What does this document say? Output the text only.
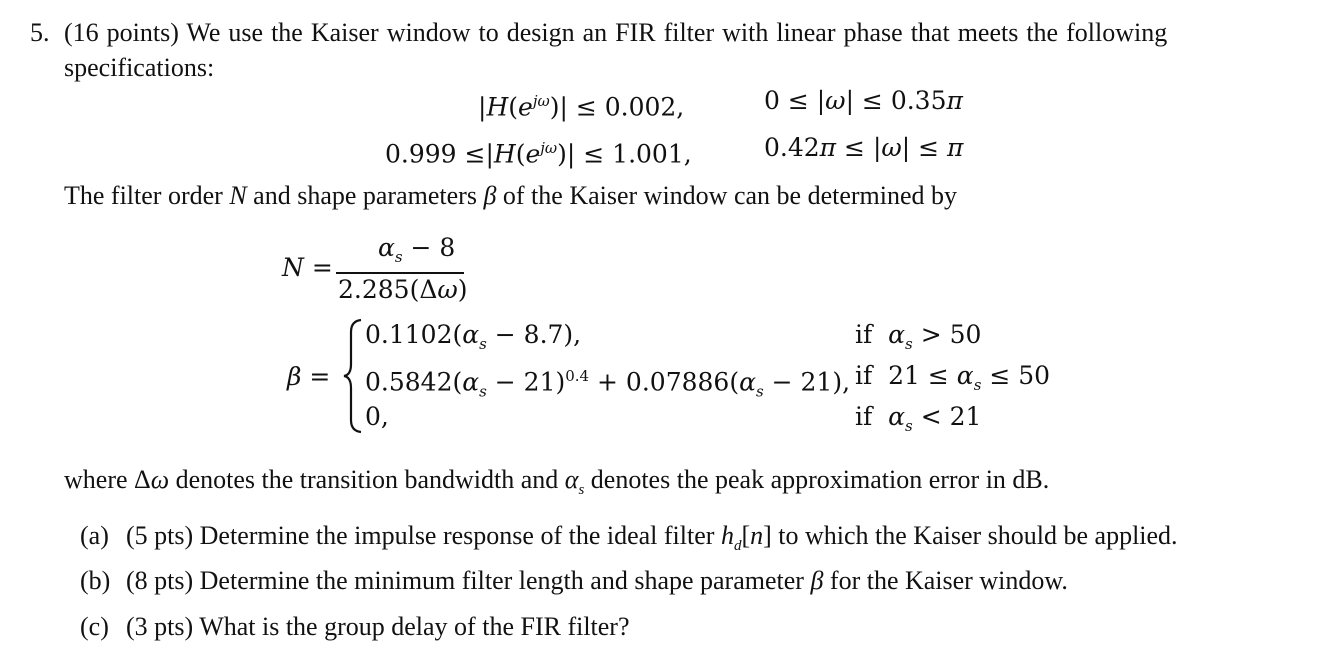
5. (16 points) We use the Kaiser window to design an FIR filter with linear phase that meets the following
specifications:
$|H(e^{j\omega})| \le 0.002$,	0 ≤ |ω| ≤ 0.35π
$0.999 \le|H(e^{j\omega})| \le 1.001$,	0.42π ≤ |ω| ≤ π
The filter order N and shape parameters β of the Kaiser window can be determined by
N =
$\alpha_s - 8$
2.285(Δω)
β =
$0.1102(\alpha_s - 8.7)$,	if  $\alpha_s > 50$
$0.5842(\alpha_s - 21)^{0.4} + 0.07886(\alpha_s - 21)$, if  $21 \le \alpha_s \le 50$
0,	if  $\alpha_s < 21$
where Δω denotes the transition bandwidth and $\alpha_s$ denotes the peak approximation error in dB.
(a) (5 pts) Determine the impulse response of the ideal filter $h_d[n]$ to which the Kaiser should be applied.
(b) (8 pts) Determine the minimum filter length and shape parameter β for the Kaiser window.
(c) (3 pts) What is the group delay of the FIR filter?
